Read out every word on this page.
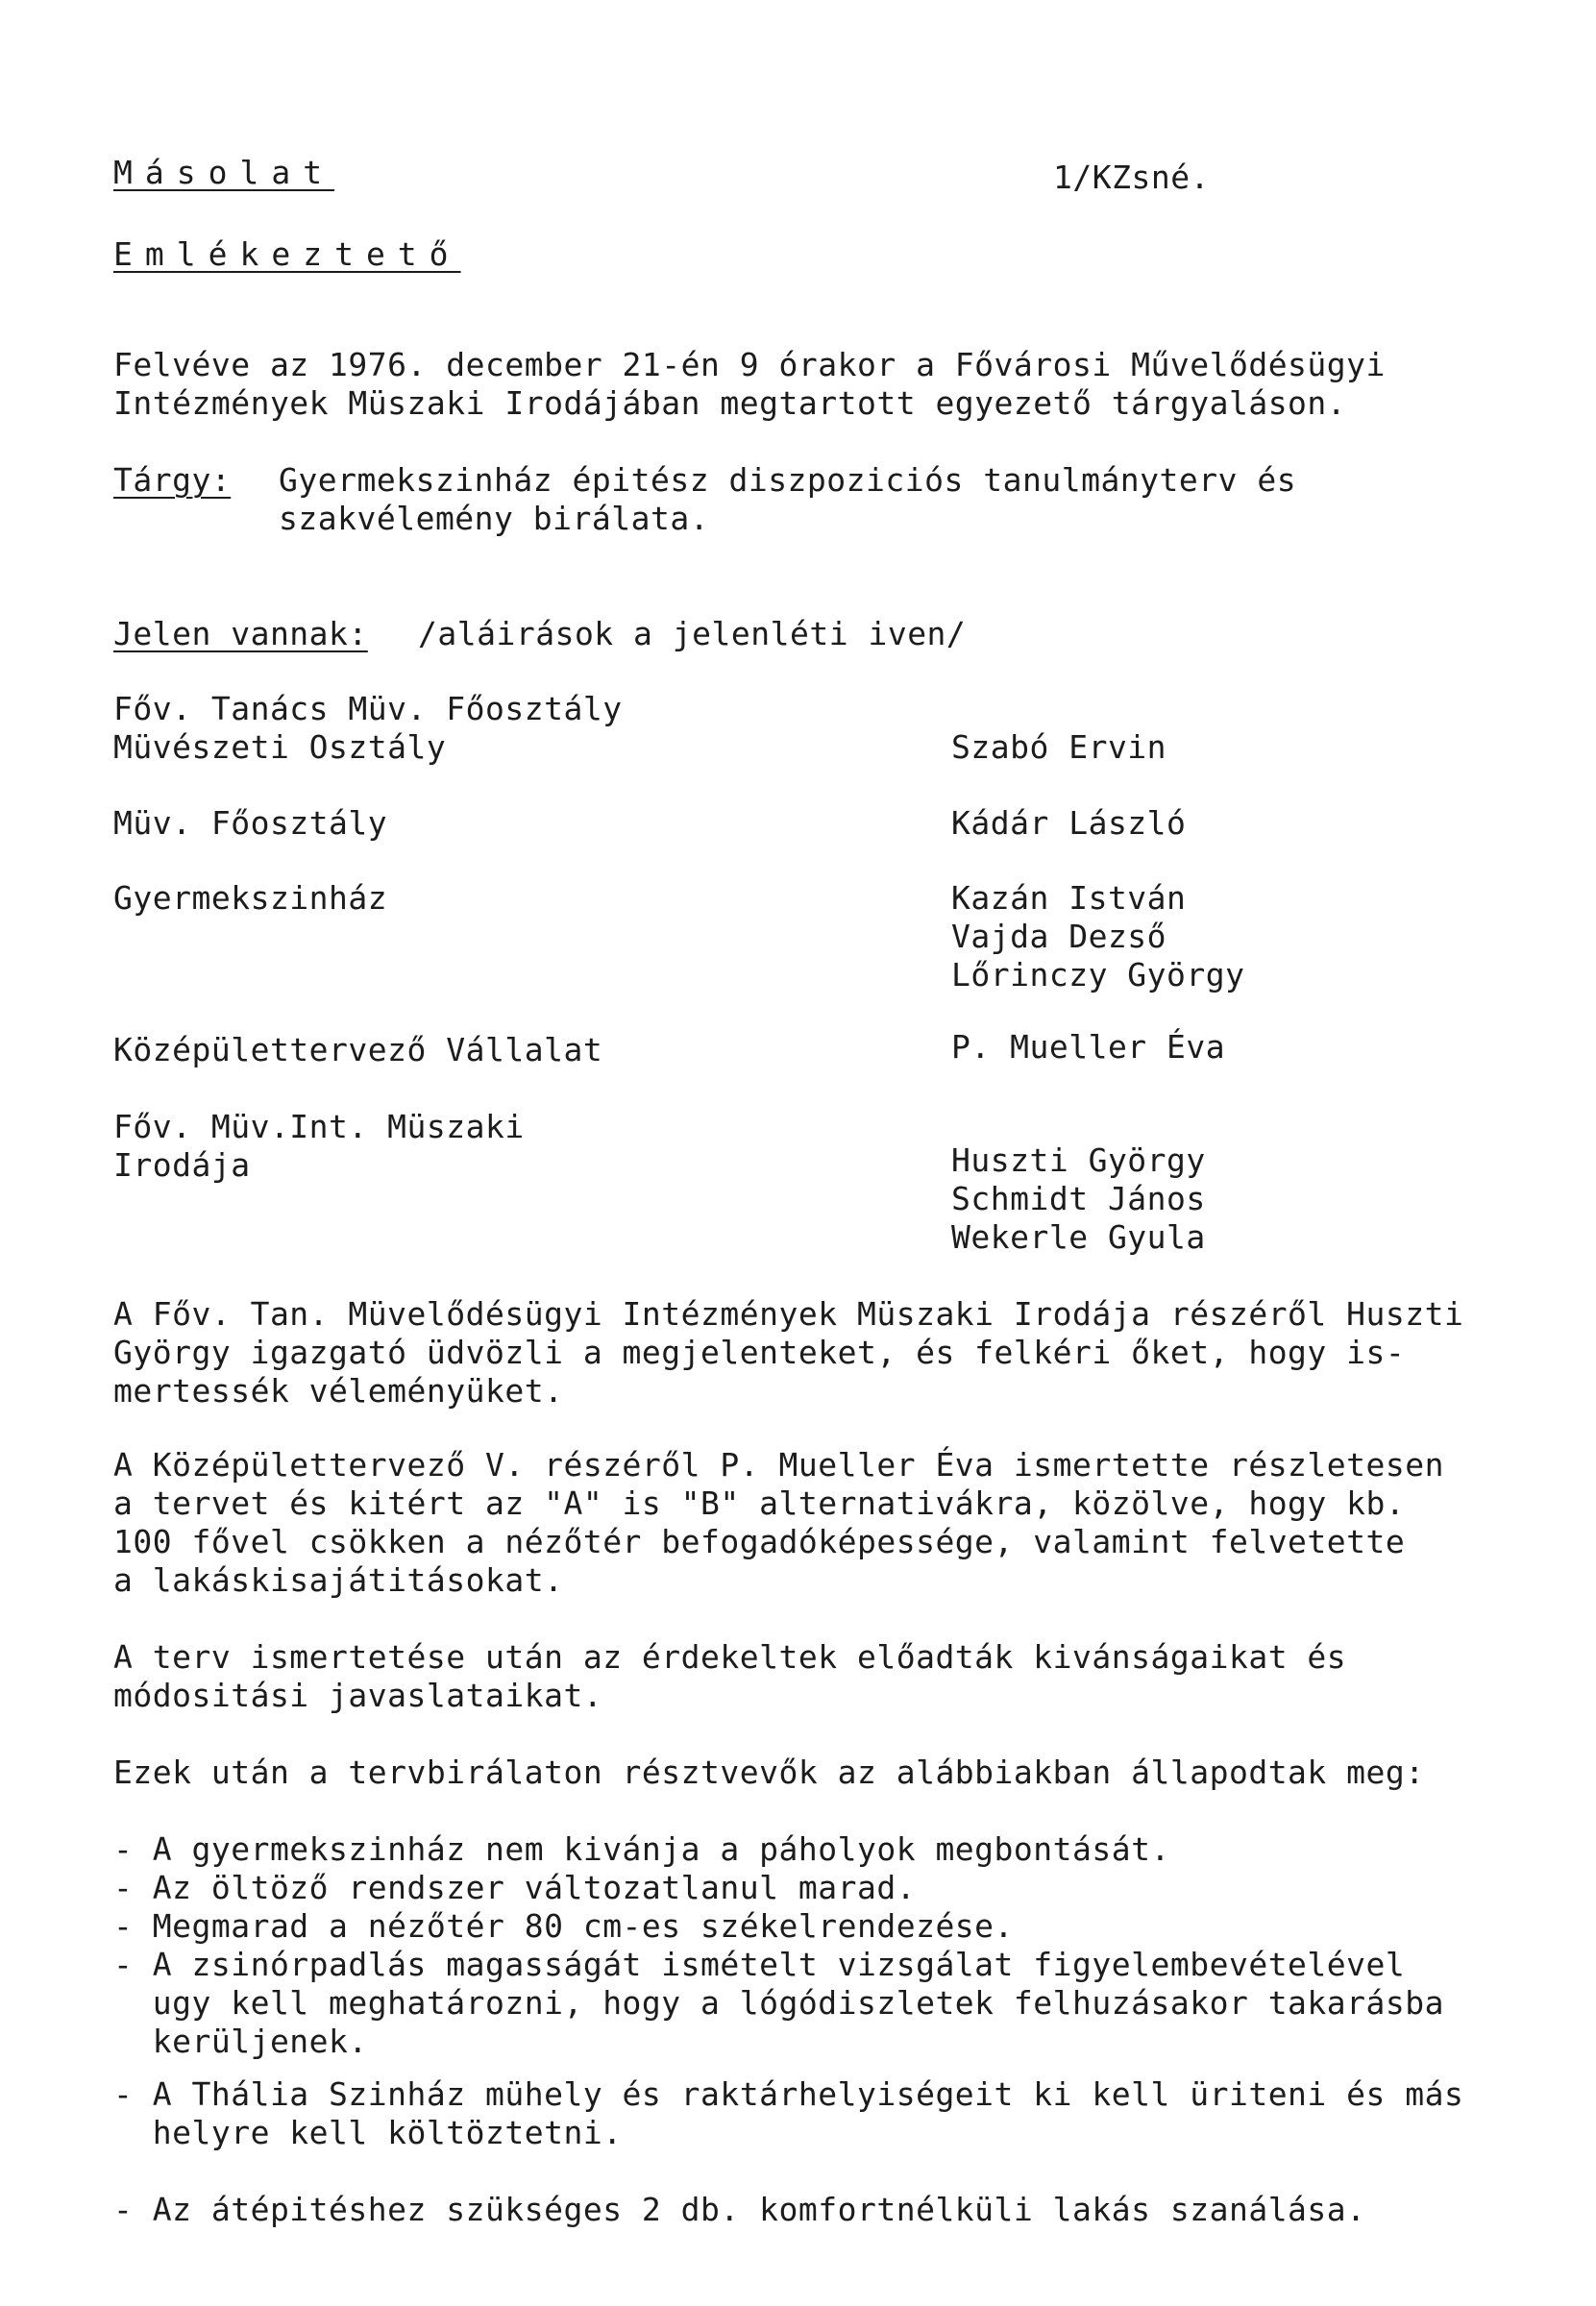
Másolat	1/KZsné.
Emlékeztető
Felvéve az 1976. december 21-én 9 órakor a Fővárosi Művelődésügyi
Intézmények Müszaki Irodájában megtartott egyezető tárgyaláson.
Tárgy: Gyermekszinház épitész diszpoziciós tanulmányterv és
szakvélemény birálata.
Jelen vannak: /aláirások a jelenléti iven/
Főv. Tanács Müv. Főosztály
Müvészeti Osztály	Szabó Ervin
Müv. Főosztály	Kádár László
Gyermekszinház	Kazán István
Vajda Dezső
Lőrinczy György
Középülettervező Vállalat	P. Mueller Éva
Főv. Müv.Int. Müszaki
Irodája	Huszti György
Schmidt János
Wekerle Gyula
A Főv. Tan. Müvelődésügyi Intézmények Müszaki Irodája részéről Huszti
György igazgató üdvözli a megjelenteket, és felkéri őket, hogy is-
mertessék véleményüket.
A Középülettervező V. részéről P. Mueller Éva ismertette részletesen
a tervet és kitért az "A" is "B" alternativákra, közölve, hogy kb.
100 fővel csökken a nézőtér befogadóképessége, valamint felvetette
a lakáskisajátitásokat.
A terv ismertetése után az érdekeltek előadták kivánságaikat és
módositási javaslataikat.
Ezek után a tervbirálaton résztvevők az alábbiakban állapodtak meg:
- A gyermekszinház nem kivánja a páholyok megbontását.
- Az öltöző rendszer változatlanul marad.
- Megmarad a nézőtér 80 cm-es székelrendezése.
- A zsinórpadlás magasságát ismételt vizsgálat figyelembevételével
ugy kell meghatározni, hogy a lógódiszletek felhuzásakor takarásba
kerüljenek.
- A Thália Szinház mühely és raktárhelyiségeit ki kell üriteni és más
helyre kell költöztetni.
- Az átépitéshez szükséges 2 db. komfortnélküli lakás szanálása.
